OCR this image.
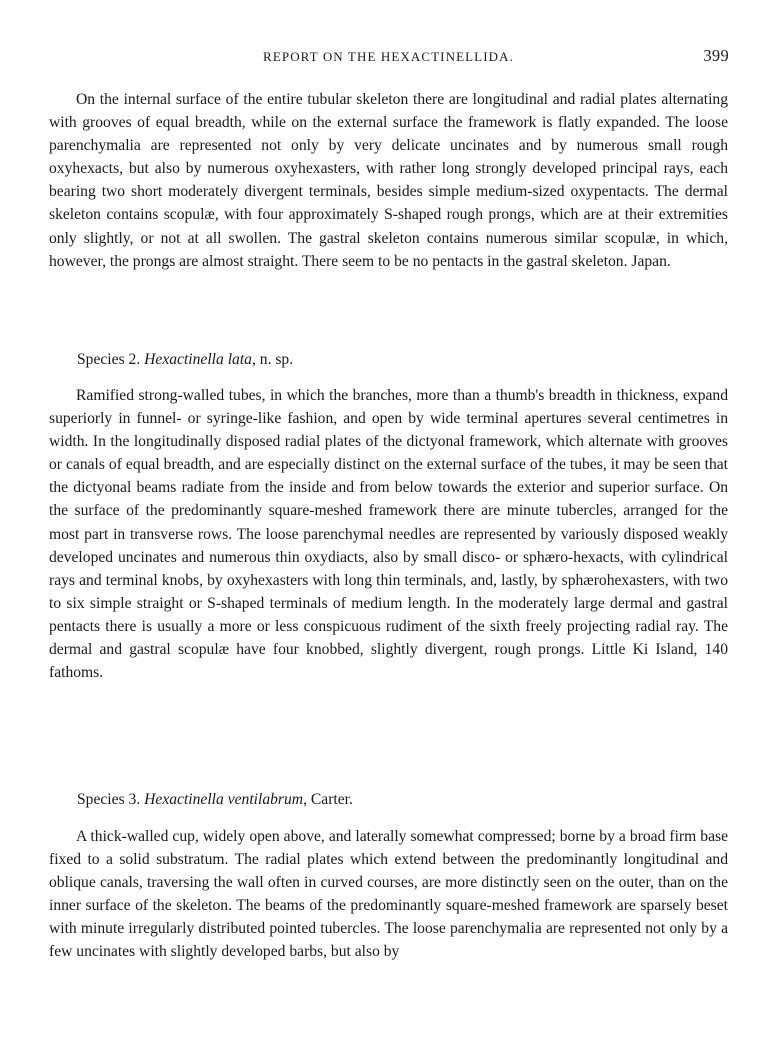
REPORT ON THE HEXACTINELLIDA.	399

On the internal surface of the entire tubular skeleton there are longitudinal and radial plates alternating with grooves of equal breadth, while on the external surface the framework is flatly expanded. The loose parenchymalia are represented not only by very delicate uncinates and by numerous small rough oxyhexacts, but also by numerous oxyhexasters, with rather long strongly developed principal rays, each bearing two short moderately divergent terminals, besides simple medium-sized oxypentacts. The dermal skeleton contains scopulæ, with four approximately S-shaped rough prongs, which are at their extremities only slightly, or not at all swollen. The gastral skeleton contains numerous similar scopulæ, in which, however, the prongs are almost straight. There seem to be no pentacts in the gastral skeleton. Japan.

Species 2. Hexactinella lata, n. sp.

Ramified strong-walled tubes, in which the branches, more than a thumb's breadth in thickness, expand superiorly in funnel- or syringe-like fashion, and open by wide terminal apertures several centimetres in width. In the longitudinally disposed radial plates of the dictyonal framework, which alternate with grooves or canals of equal breadth, and are especially distinct on the external surface of the tubes, it may be seen that the dictyonal beams radiate from the inside and from below towards the exterior and superior surface. On the surface of the predominantly square-meshed framework there are minute tubercles, arranged for the most part in transverse rows. The loose parenchymal needles are represented by variously disposed weakly developed uncinates and numerous thin oxydiacts, also by small disco- or sphæro-hexacts, with cylindrical rays and terminal knobs, by oxyhexasters with long thin terminals, and, lastly, by sphærohexasters, with two to six simple straight or S-shaped terminals of medium length. In the moderately large dermal and gastral pentacts there is usually a more or less conspicuous rudiment of the sixth freely projecting radial ray. The dermal and gastral scopulæ have four knobbed, slightly divergent, rough prongs. Little Ki Island, 140 fathoms.

Species 3. Hexactinella ventilabrum, Carter.

A thick-walled cup, widely open above, and laterally somewhat compressed; borne by a broad firm base fixed to a solid substratum. The radial plates which extend between the predominantly longitudinal and oblique canals, traversing the wall often in curved courses, are more distinctly seen on the outer, than on the inner surface of the skeleton. The beams of the predominantly square-meshed framework are sparsely beset with minute irregularly distributed pointed tubercles. The loose parenchymalia are represented not only by a few uncinates with slightly developed barbs, but also by
